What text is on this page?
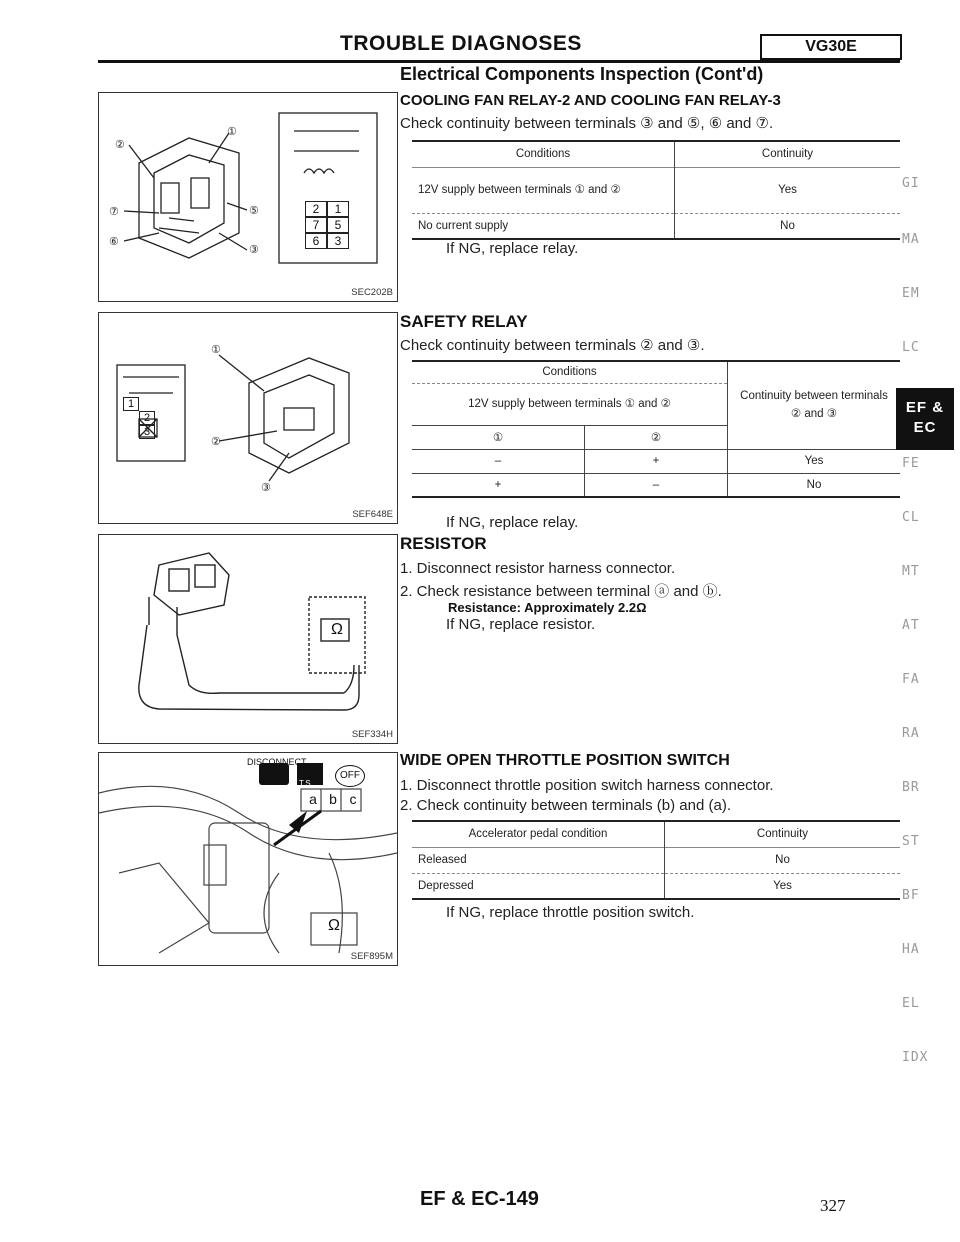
TROUBLE DIAGNOSES	VG30E
Electrical Components Inspection (Cont'd)
COOLING FAN RELAY-2 AND COOLING FAN RELAY-3
Check continuity between terminals ③ and ⑤, ⑥ and ⑦.
Conditions	Continuity
12V supply between terminals ① and ②	Yes
No current supply	No
If NG, replace relay.
SAFETY RELAY
Check continuity between terminals ② and ③.
Conditions		Continuity between terminals ② and ③
12V supply between terminals ① and ②		
①	②	
–	+	Yes
+	–	No
If NG, replace relay.
RESISTOR
1. Disconnect resistor harness connector.
2. Check resistance between terminal ⓐ and ⓑ.
Resistance: Approximately 2.2Ω
If NG, replace resistor.
WIDE OPEN THROTTLE POSITION SWITCH
1. Disconnect throttle position switch harness connector.
2. Check continuity between terminals (b) and (a).
Accelerator pedal condition	Continuity
Released	No
Depressed	Yes
If NG, replace throttle position switch.
②
①
⑦
⑥
⑤
③
2	1
7	5
6	3
SEC202B
①
②
③
1
2
3
SEF648E
Ω
SEF334H
DISCONNECT
T.S.
OFF
a b c
Ω
SEF895M
GI
MA
EM
LC
EF & EC
FE
CL
MT
AT
FA
RA
BR
ST
BF
HA
EL
IDX
EF & EC-149	327
